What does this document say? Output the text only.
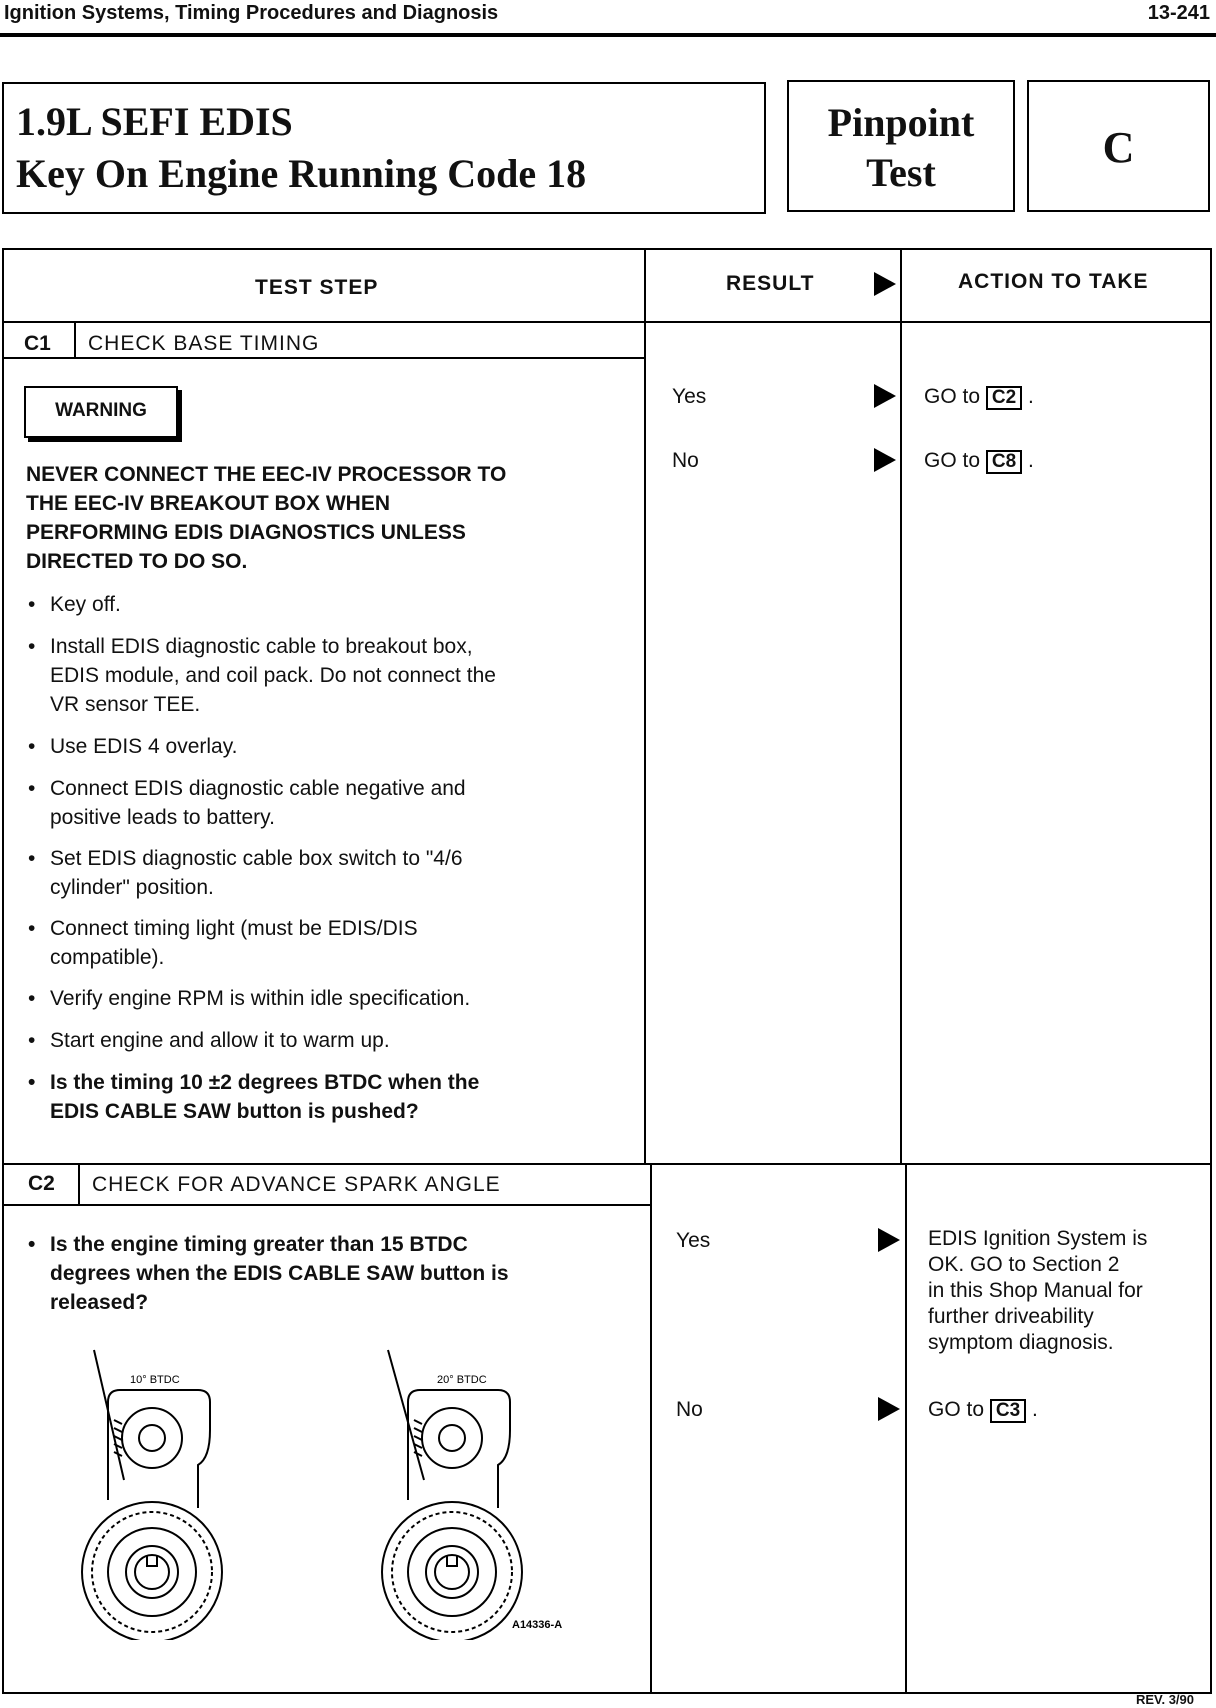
Ignition Systems, Timing Procedures and Diagnosis	13-241
1.9L SEFI EDIS
Key On Engine Running Code 18
Pinpoint
Test
C
TEST STEP	RESULT	ACTION TO TAKE
C1 CHECK BASE TIMING
WARNING
NEVER CONNECT THE EEC-IV PROCESSOR TO
THE EEC-IV BREAKOUT BOX WHEN
PERFORMING EDIS DIAGNOSTICS UNLESS
DIRECTED TO DO SO.
• Key off.
• Install EDIS diagnostic cable to breakout box,
EDIS module, and coil pack. Do not connect the
VR sensor TEE.
• Use EDIS 4 overlay.
• Connect EDIS diagnostic cable negative and
positive leads to battery.
• Set EDIS diagnostic cable box switch to "4/6
cylinder" position.
• Connect timing light (must be EDIS/DIS
compatible).
• Verify engine RPM is within idle specification.
• Start engine and allow it to warm up.
• Is the timing 10 ±2 degrees BTDC when the
EDIS CABLE SAW button is pushed?
Yes	GO to C2 .
No	GO to C8 .
C2 CHECK FOR ADVANCE SPARK ANGLE
• Is the engine timing greater than 15 BTDC
degrees when the EDIS CABLE SAW button is
released?
10° BTDC	20° BTDC
A14336-A
Yes	EDIS Ignition System is
OK. GO to Section 2
in this Shop Manual for
further driveability
symptom diagnosis.
No	GO to C3 .
REV. 3/90
